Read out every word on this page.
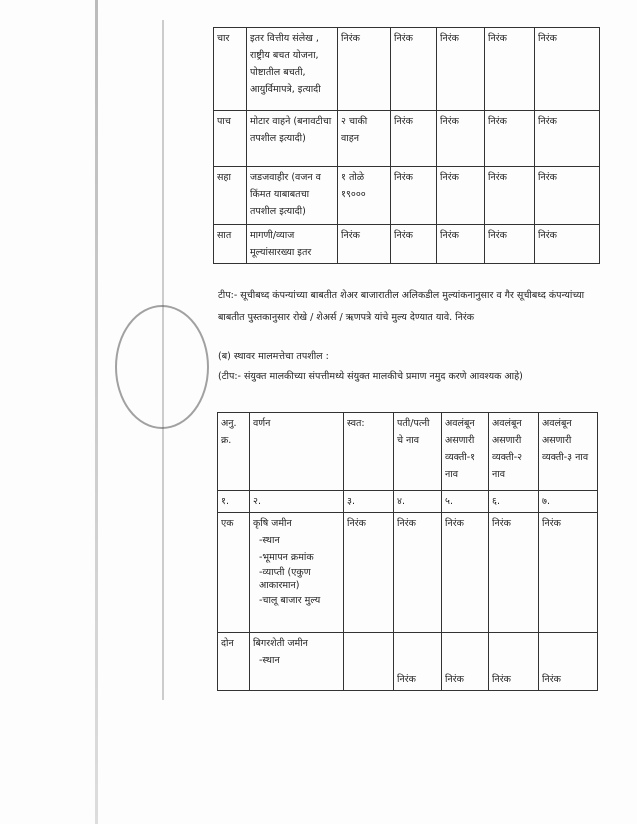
चार	इतर वित्तीय संलेख , राष्ट्रीय बचत योजना, पोष्टातील बचती, आयुर्विमापत्रे, इत्यादी	निरंक	निरंक	निरंक	निरंक	निरंक
पाच	मोटार वाहने (बनावटीचा तपशील इत्यादी)	२ चाकी वाहन	निरंक	निरंक	निरंक	निरंक
सहा	जडजवाहीर (वजन व किंमत याबाबतचा तपशील इत्यादी)	१ तोळे १९०००	निरंक	निरंक	निरंक	निरंक
सात	मागणी/व्याज मूल्यांसारख्या इतर	निरंक	निरंक	निरंक	निरंक	निरंक
टीप:- सूचीबध्द कंपन्यांच्या बाबतीत शेअर बाजारातील अलिकडील मुल्यांकनानुसार व गैर सूचीबध्द कंपन्यांच्या बाबतीत पुस्तकानुसार रोखे / शेअर्स / ऋणपत्रे यांचे मुल्य देण्यात यावे. निरंक
(ब) स्थावर मालमत्तेचा तपशील :
(टीप:- संयुक्त मालकीच्या संपत्तीमध्ये संयुक्त मालकीचे प्रमाण नमुद करणे आवश्यक आहे)
अनु. क्र.	वर्णन	स्वत:	पती/पत्नी चे नाव	अवलंबून असणारी व्यक्ती-१ नाव	अवलंबून असणारी व्यक्ती-२ नाव	अवलंबून असणारी व्यक्ती-३ नाव
१.	२.	३.	४.	५.	६.	७.
एक	कृषि जमीन
-स्थान
-भूमापन क्रमांक
-व्याप्ती (एकुण आकारमान)
-चालू बाजार मुल्य	निरंक	निरंक	निरंक	निरंक	निरंक
दोन	बिगरशेती जमीन
-स्थान		निरंक	निरंक	निरंक	निरंक
